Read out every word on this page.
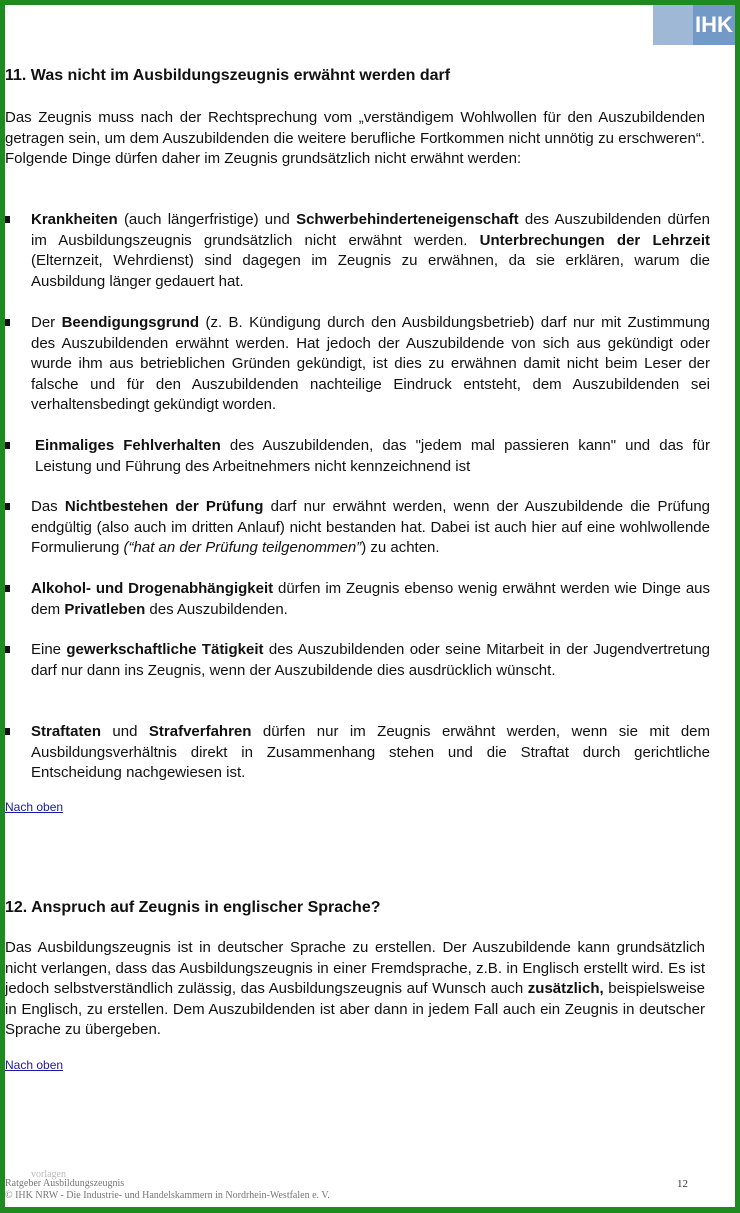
IHK
11. Was nicht im Ausbildungszeugnis erwähnt werden darf

Das Zeugnis muss nach der Rechtsprechung vom „verständigem Wohlwollen für den Auszubildenden getragen sein, um dem Auszubildenden die weitere berufliche Fortkommen nicht unnötig zu erschweren“. Folgende Dinge dürfen daher im Zeugnis grundsätzlich nicht erwähnt werden:

Krankheiten (auch längerfristige) und Schwerbehinderteneigenschaft des Auszubildenden dürfen im Ausbildungszeugnis grundsätzlich nicht erwähnt werden. Unterbrechungen der Lehrzeit (Elternzeit, Wehrdienst) sind dagegen im Zeugnis zu erwähnen, da sie erklären, warum die Ausbildung länger gedauert hat.
Der Beendigungsgrund (z. B. Kündigung durch den Ausbildungsbetrieb) darf nur mit Zustimmung des Auszubildenden erwähnt werden. Hat jedoch der Auszubildende von sich aus gekündigt oder wurde ihm aus betrieblichen Gründen gekündigt, ist dies zu erwähnen damit nicht beim Leser der falsche und für den Auszubildenden nachteilige Eindruck entsteht, dem Auszubildenden sei verhaltensbedingt gekündigt worden.
Einmaliges Fehlverhalten des Auszubildenden, das "jedem mal passieren kann" und das für Leistung und Führung des Arbeitnehmers nicht kennzeichnend ist
Das Nichtbestehen der Prüfung darf nur erwähnt werden, wenn der Auszubildende die Prüfung endgültig (also auch im dritten Anlauf) nicht bestanden hat. Dabei ist auch hier auf eine wohlwollende Formulierung (“hat an der Prüfung teilgenommen”) zu achten.
Alkohol- und Drogenabhängigkeit dürfen im Zeugnis ebenso wenig erwähnt werden wie Dinge aus dem Privatleben des Auszubildenden.
Eine gewerkschaftliche Tätigkeit des Auszubildenden oder seine Mitarbeit in der Jugendvertretung darf nur dann ins Zeugnis, wenn der Auszubildende dies ausdrücklich wünscht.
Straftaten und Strafverfahren dürfen nur im Zeugnis erwähnt werden, wenn sie mit dem Ausbildungsverhältnis direkt in Zusammenhang stehen und die Straftat durch gerichtliche Entscheidung nachgewiesen ist.
Nach oben
12. Anspruch auf Zeugnis in englischer Sprache?

Das Ausbildungszeugnis ist in deutscher Sprache zu erstellen. Der Auszubildende kann grundsätzlich nicht verlangen, dass das Ausbildungszeugnis in einer Fremdsprache, z.B. in Englisch erstellt wird. Es ist jedoch selbstverständlich zulässig, das Ausbildungszeugnis auf Wunsch auch zusätzlich, beispielsweise in Englisch, zu erstellen. Dem Auszubildenden ist aber dann in jedem Fall auch ein Zeugnis in deutscher Sprache zu übergeben.

Nach oben
vorlagen
Ratgeber Ausbildungszeugnis
© IHK NRW - Die Industrie- und Handelskammern in Nordrhein-Westfalen e. V.
12
